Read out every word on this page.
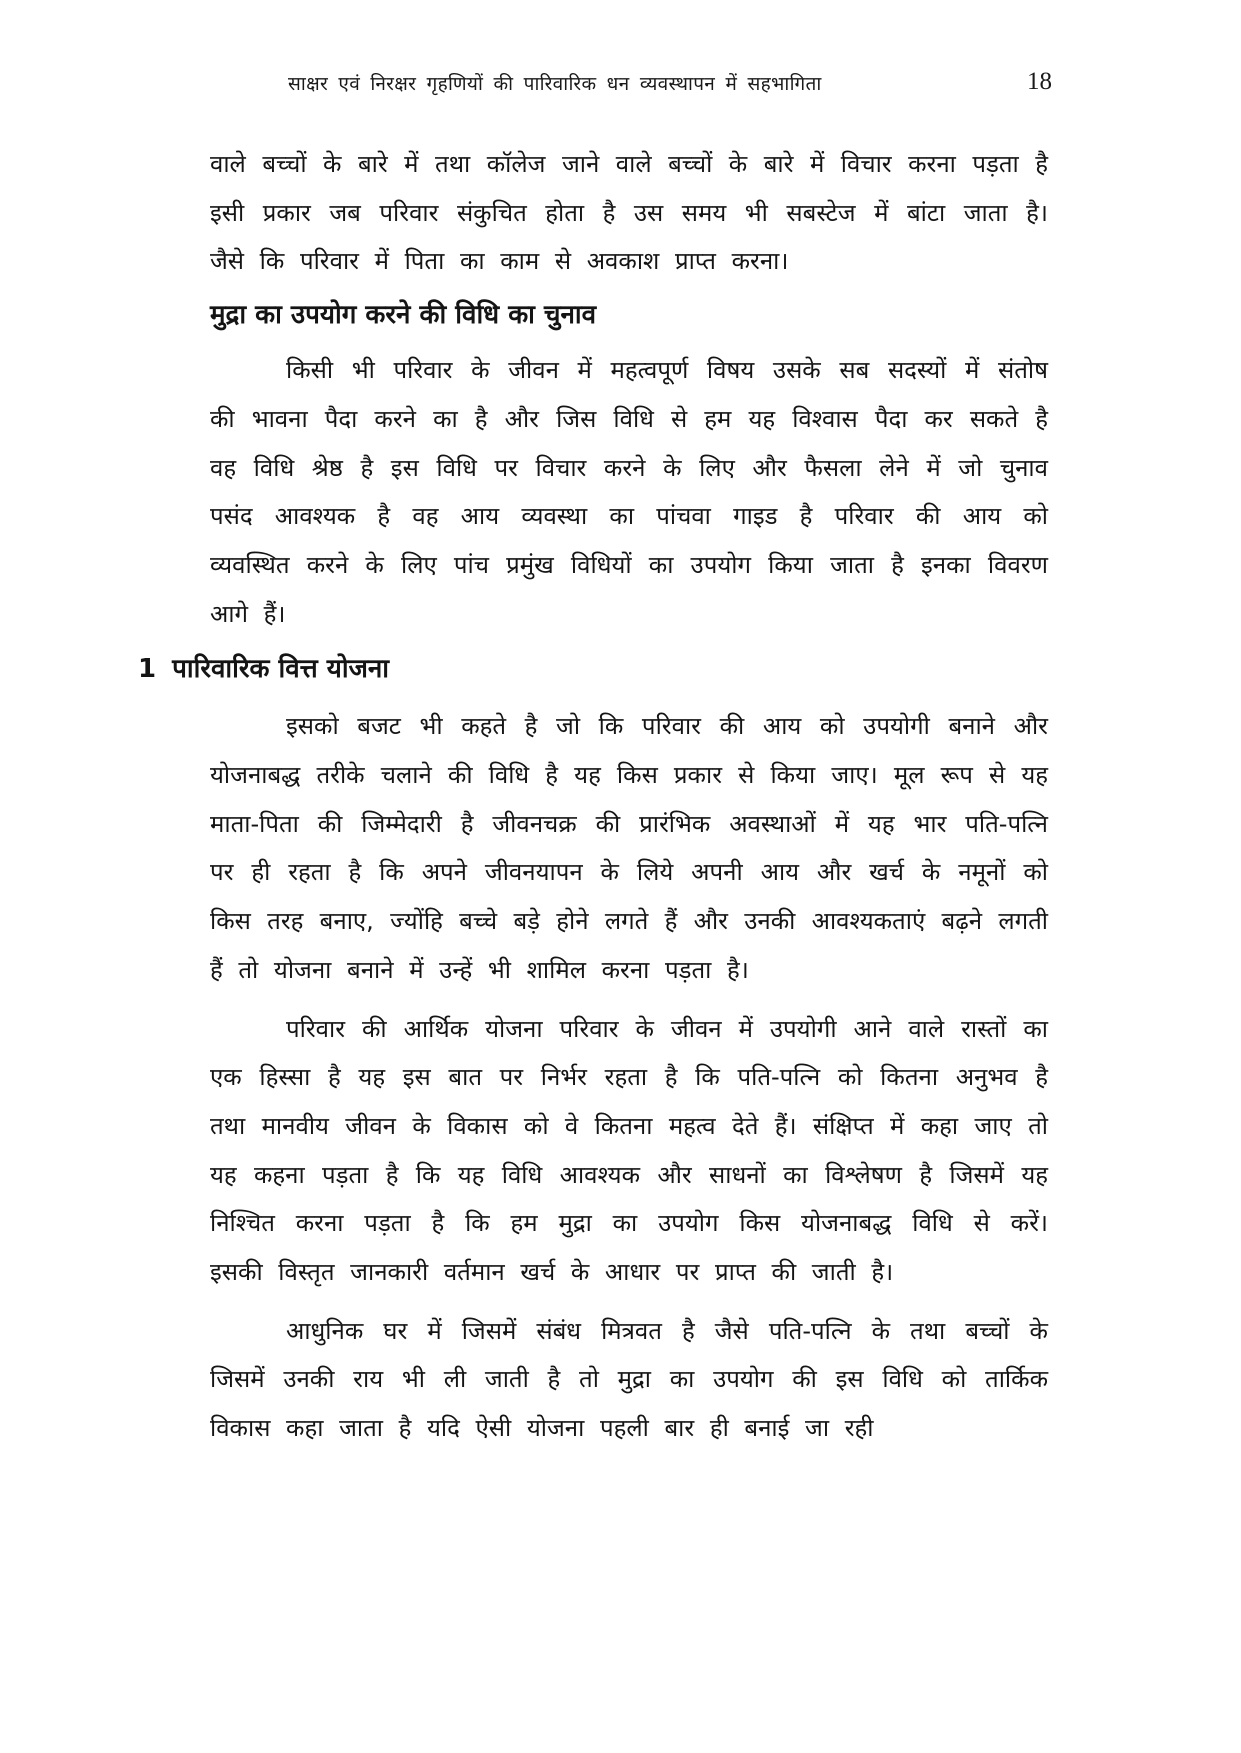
साक्षर एवं निरक्षर गृहणियों की पारिवारिक धन व्यवस्थापन में सहभागिता	18

वाले बच्चों के बारे में तथा कॉलेज जाने वाले बच्चों के बारे में विचार करना पड़ता है इसी प्रकार जब परिवार संकुचित होता है उस समय भी सबस्टेज में बांटा जाता है। जैसे कि परिवार में पिता का काम से अवकाश प्राप्त करना।

मुद्रा का उपयोग करने की विधि का चुनाव

किसी भी परिवार के जीवन में महत्वपूर्ण विषय उसके सब सदस्यों में संतोष की भावना पैदा करने का है और जिस विधि से हम यह विश्वास पैदा कर सकते है वह विधि श्रेष्ठ है इस विधि पर विचार करने के लिए और फैसला लेने में जो चुनाव पसंद आवश्यक है वह आय व्यवस्था का पांचवा गाइड है परिवार की आय को व्यवस्थित करने के लिए पांच प्रमुंख विधियों का उपयोग किया जाता है इनका विवरण आगे हैं।

1 पारिवारिक वित्त योजना

इसको बजट भी कहते है जो कि परिवार की आय को उपयोगी बनाने और योजनाबद्ध तरीके चलाने की विधि है यह किस प्रकार से किया जाए। मूल रूप से यह माता-पिता की जिम्मेदारी है जीवनचक्र की प्रारंभिक अवस्थाओं में यह भार पति-पत्नि पर ही रहता है कि अपने जीवनयापन के लिये अपनी आय और खर्च के नमूनों को किस तरह बनाए, ज्योंहि बच्चे बड़े होने लगते हैं और उनकी आवश्यकताएं बढ़ने लगती हैं तो योजना बनाने में उन्हें भी शामिल करना पड़ता है।

परिवार की आर्थिक योजना परिवार के जीवन में उपयोगी आने वाले रास्तों का एक हिस्सा है यह इस बात पर निर्भर रहता है कि पति-पत्नि को कितना अनुभव है तथा मानवीय जीवन के विकास को वे कितना महत्व देते हैं। संक्षिप्त में कहा जाए तो यह कहना पड़ता है कि यह विधि आवश्यक और साधनों का विश्लेषण है जिसमें यह निश्चित करना पड़ता है कि हम मुद्रा का उपयोग किस योजनाबद्ध विधि से करें। इसकी विस्तृत जानकारी वर्तमान खर्च के आधार पर प्राप्त की जाती है।

आधुनिक घर में जिसमें संबंध मित्रवत है जैसे पति-पत्नि के तथा बच्चों के जिसमें उनकी राय भी ली जाती है तो मुद्रा का उपयोग की इस विधि को तार्किक विकास कहा जाता है यदि ऐसी योजना पहली बार ही बनाई जा रही
